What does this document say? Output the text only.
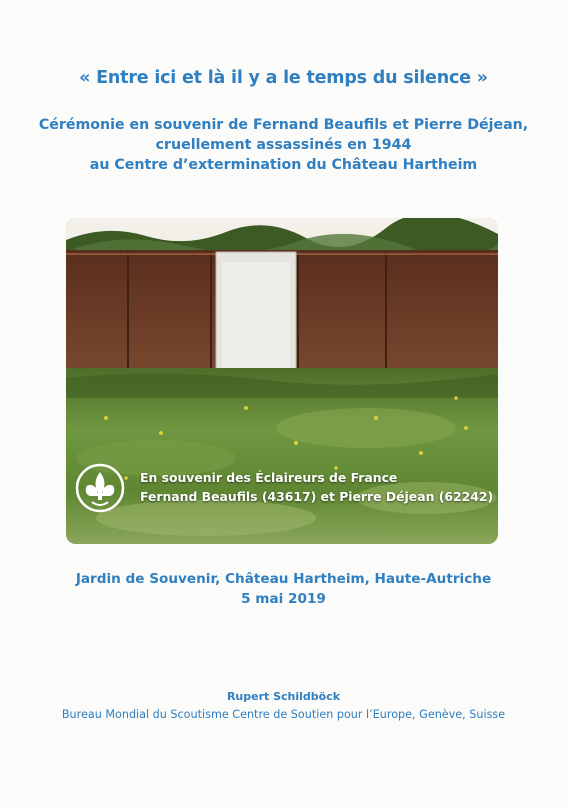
« Entre ici et là il y a le temps du silence »
Cérémonie en souvenir de Fernand Beaufils et Pierre Déjean,
cruellement assassinés en 1944
au Centre d’extermination du Château Hartheim
En souvenir des Éclaireurs de France
Fernand Beaufils (43617) et Pierre Déjean (62242)
Jardin de Souvenir, Château Hartheim, Haute-Autriche
5 mai 2019
Rupert Schildböck
Bureau Mondial du Scoutisme Centre de Soutien pour l’Europe, Genève, Suisse
